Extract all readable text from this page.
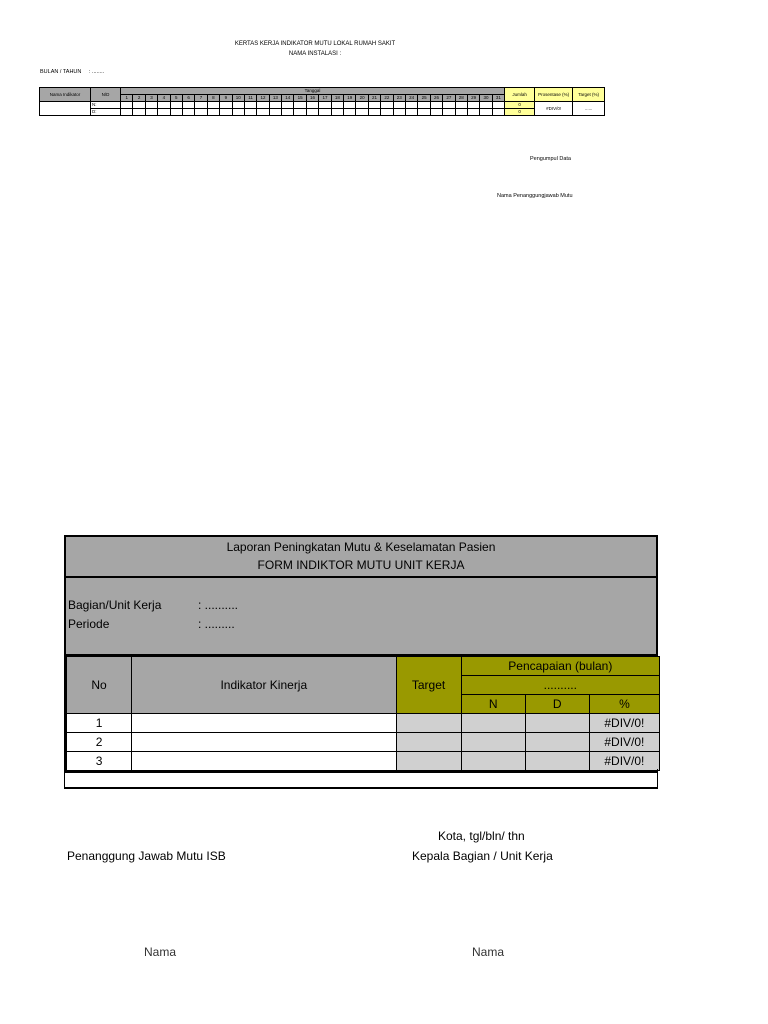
KERTAS KERJA INDIKATOR MUTU LOKAL RUMAH SAKIT
NAMA INSTALASI :
BULAN / TAHUN : ........
Nama Indikator	N/D	Tanggal																															Jumlah	Prosentase (%)	Target (%)
		1	2	3	4	5	6	7	8	9	10	11	12	13	14	15	16	17	18	19	20	21	22	23	24	25	26	27	28	29	30	31			
	N:																																0	#DIV/0!	......
	D:																																0		
Pengumpul Data
Nama Penanggungjawab Mutu
Laporan Peningkatan Mutu & Keselamatan Pasien
FORM INDIKTOR MUTU UNIT KERJA
Bagian/Unit Kerja	: ..........
Periode	: .........
No	Indikator Kinerja	Target	Pencapaian (bulan)		
			..........		
			N	D	%
1					#DIV/0!
2					#DIV/0!
3					#DIV/0!
Kota, tgl/bln/ thn
Kepala Bagian / Unit Kerja
Penanggung Jawab Mutu ISB
Nama	Nama
